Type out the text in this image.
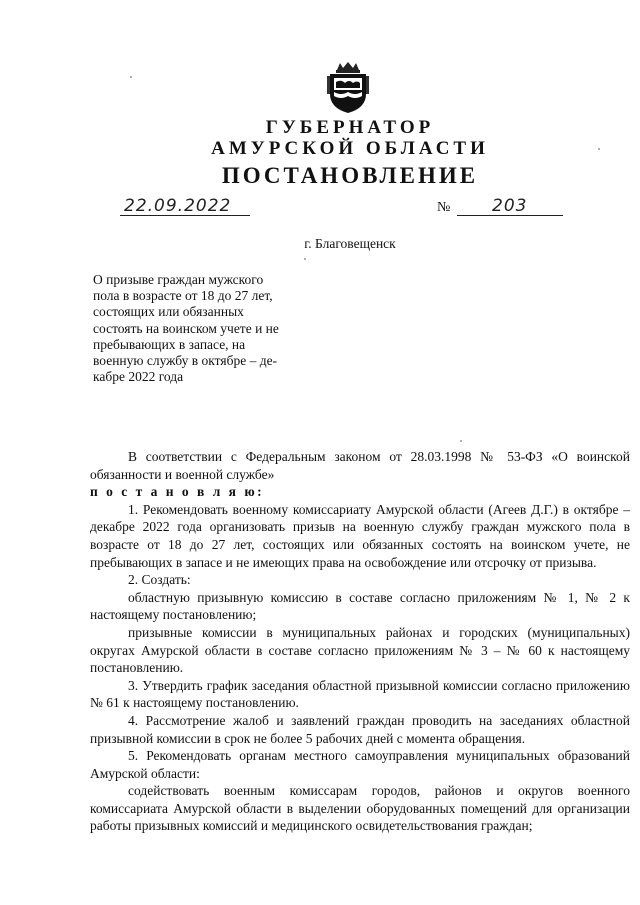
ГУБЕРНАТОР
АМУРСКОЙ ОБЛАСТИ
ПОСТАНОВЛЕНИЕ
22.09.2022	№ 203
г. Благовещенск
О призыве граждан мужского
пола в возрасте от 18 до 27 лет,
состоящих или обязанных
состоять на воинском учете и не
пребывающих в запасе, на
военную службу в октябре – де-
кабре 2022 года

В соответствии с Федеральным законом от 28.03.1998 № 53-ФЗ «О воинской обязанности и военной службе»

п о с т а н о в л я ю:

1. Рекомендовать военному комиссариату Амурской области (Агеев Д.Г.) в октябре – декабре 2022 года организовать призыв на военную службу граждан мужского пола в возрасте от 18 до 27 лет, состоящих или обязанных состоять на воинском учете, не пребывающих в запасе и не имеющих права на освобождение или отсрочку от призыва.

2. Создать:

областную призывную комиссию в составе согласно приложениям № 1, № 2 к настоящему постановлению;

призывные комиссии в муниципальных районах и городских (муниципальных) округах Амурской области в составе согласно приложениям № 3 – № 60 к настоящему постановлению.

3. Утвердить график заседания областной призывной комиссии согласно приложению № 61 к настоящему постановлению.

4. Рассмотрение жалоб и заявлений граждан проводить на заседаниях областной призывной комиссии в срок не более 5 рабочих дней с момента обращения.

5. Рекомендовать органам местного самоуправления муниципальных образований Амурской области:

содействовать военным комиссарам городов, районов и округов военного комиссариата Амурской области в выделении оборудованных помещений для организации работы призывных комиссий и медицинского освидетельствования граждан;
